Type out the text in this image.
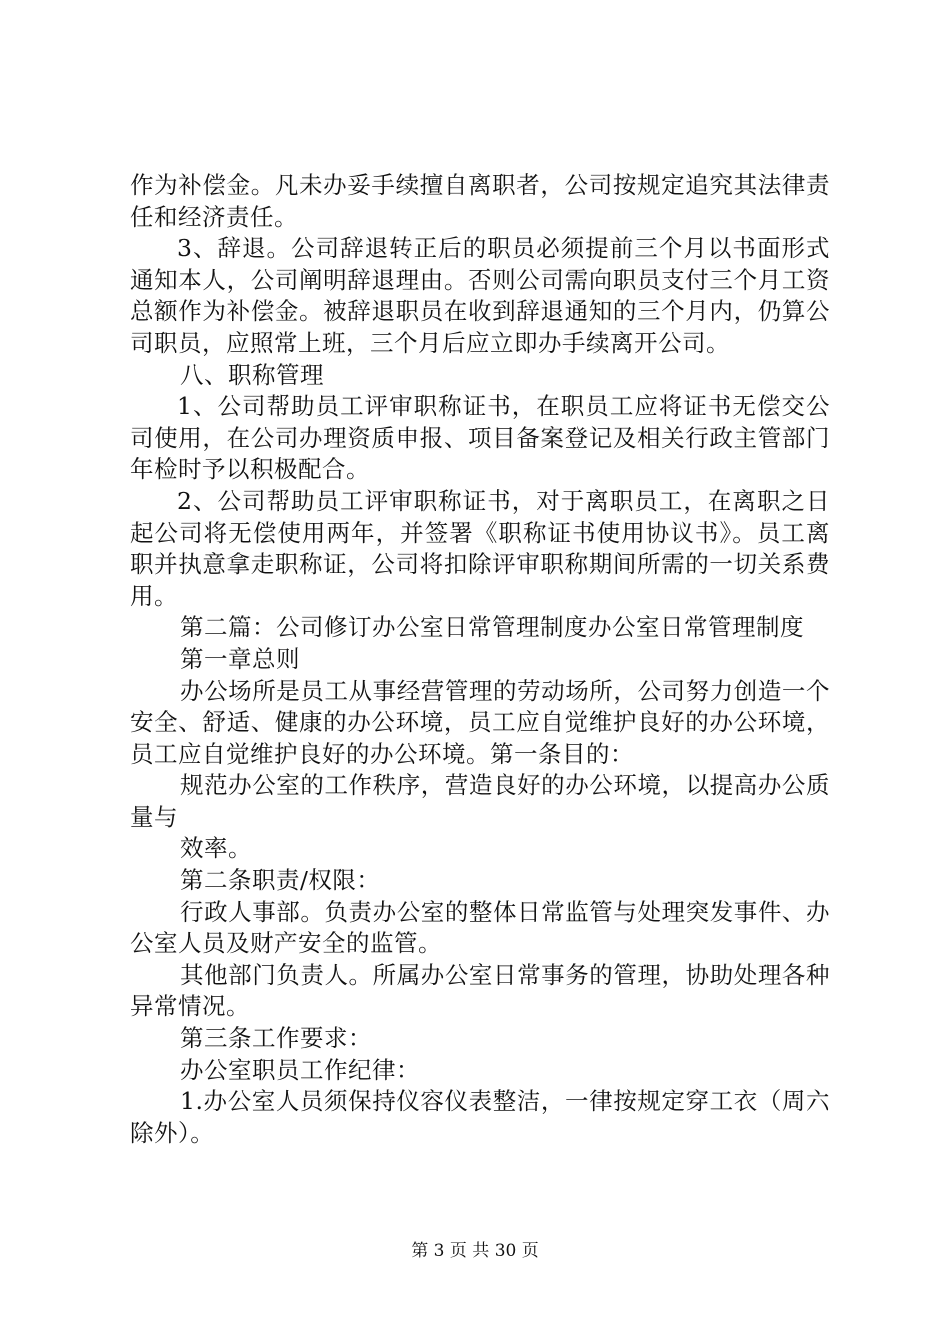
作为补偿金。凡未办妥手续擅自离职者，公司按规定追究其法律责任和经济责任。

3、辞退。公司辞退转正后的职员必须提前三个月以书面形式通知本人，公司阐明辞退理由。否则公司需向职员支付三个月工资总额作为补偿金。被辞退职员在收到辞退通知的三个月内，仍算公司职员，应照常上班，三个月后应立即办手续离开公司。

八、职称管理

1、公司帮助员工评审职称证书，在职员工应将证书无偿交公司使用，在公司办理资质申报、项目备案登记及相关行政主管部门年检时予以积极配合。

2、公司帮助员工评审职称证书，对于离职员工，在离职之日起公司将无偿使用两年，并签署《职称证书使用协议书》。员工离职并执意拿走职称证，公司将扣除评审职称期间所需的一切关系费用。

第二篇：公司修订办公室日常管理制度办公室日常管理制度

第一章总则

办公场所是员工从事经营管理的劳动场所，公司努力创造一个安全、舒适、健康的办公环境，员工应自觉维护良好的办公环境，员工应自觉维护良好的办公环境。第一条目的：

规范办公室的工作秩序，营造良好的办公环境，以提高办公质量与

效率。

第二条职责/权限：

行政人事部。负责办公室的整体日常监管与处理突发事件、办公室人员及财产安全的监管。

其他部门负责人。所属办公室日常事务的管理，协助处理各种异常情况。

第三条工作要求：

办公室职员工作纪律：

1.办公室人员须保持仪容仪表整洁，一律按规定穿工衣（周六除外）。

第 3 页 共 30 页
